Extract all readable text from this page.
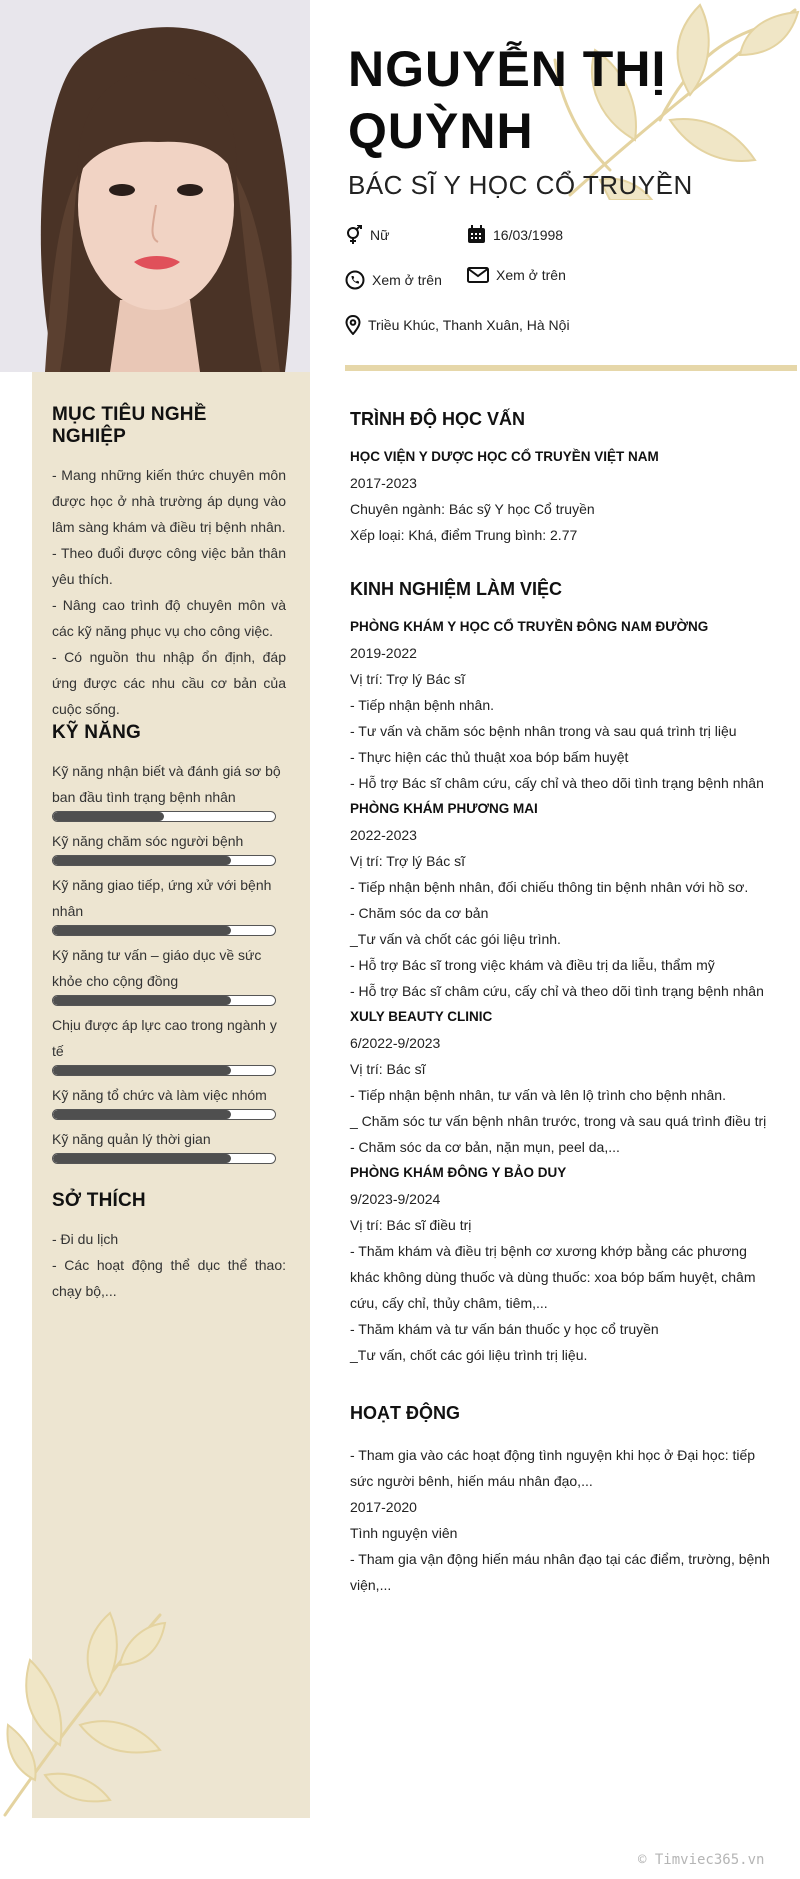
MỤC TIÊU NGHỀ NGHIỆP

- Mang những kiến thức chuyên môn được học ở nhà trường áp dụng vào lâm sàng khám và điều trị bệnh nhân.

- Theo đuổi được công việc bản thân yêu thích.

- Nâng cao trình độ chuyên môn và các kỹ năng phục vụ cho công việc.

- Có nguồn thu nhập ổn định, đáp ứng được các nhu cầu cơ bản của cuộc sống.

KỸ NĂNG
Kỹ năng nhận biết và đánh giá sơ bộ ban đầu tình trạng bệnh nhân
Kỹ năng chăm sóc người bệnh
Kỹ năng giao tiếp, ứng xử với bệnh nhân
Kỹ năng tư vấn – giáo dục về sức khỏe cho cộng đồng
Chịu được áp lực cao trong ngành y tế
Kỹ năng tổ chức và làm việc nhóm
Kỹ năng quản lý thời gian
SỞ THÍCH

- Đi du lịch

- Các hoạt động thể dục thể thao: chạy bộ,...

NGUYỄN THỊ
QUỲNH
BÁC SĨ Y HỌC CỔ TRUYỀN
Nữ	16/03/1998
Xem ở trên	Xem ở trên
Triều Khúc, Thanh Xuân, Hà Nội
TRÌNH ĐỘ HỌC VẤN
HỌC VIỆN Y DƯỢC HỌC CỔ TRUYỀN VIỆT NAM
2017-2023
Chuyên ngành: Bác sỹ Y học Cổ truyền
Xếp loại: Khá, điểm Trung bình: 2.77
KINH NGHIỆM LÀM VIỆC
PHÒNG KHÁM Y HỌC CỔ TRUYỀN ĐÔNG NAM ĐƯỜNG
2019-2022
Vị trí: Trợ lý Bác sĩ
- Tiếp nhận bệnh nhân.
- Tư vấn và chăm sóc bệnh nhân trong và sau quá trình trị liệu
- Thực hiện các thủ thuật xoa bóp bấm huyệt
- Hỗ trợ Bác sĩ châm cứu, cấy chỉ và theo dõi tình trạng bệnh nhân
PHÒNG KHÁM PHƯƠNG MAI
2022-2023
Vị trí: Trợ lý Bác sĩ
- Tiếp nhận bệnh nhân, đối chiếu thông tin bệnh nhân với hồ sơ.
- Chăm sóc da cơ bản
_Tư vấn và chốt các gói liệu trình.
- Hỗ trợ Bác sĩ trong việc khám và điều trị da liễu, thẩm mỹ
- Hỗ trợ Bác sĩ châm cứu, cấy chỉ và theo dõi tình trạng bệnh nhân
XULY BEAUTY CLINIC
6/2022-9/2023
Vị trí: Bác sĩ
- Tiếp nhận bệnh nhân, tư vấn và lên lộ trình cho bệnh nhân.
_ Chăm sóc tư vấn bệnh nhân trước, trong và sau quá trình điều trị
- Chăm sóc da cơ bản, nặn mụn, peel da,...
PHÒNG KHÁM ĐÔNG Y BẢO DUY
9/2023-9/2024
Vị trí: Bác sĩ điều trị
- Thăm khám và điều trị bệnh cơ xương khớp bằng các phương khác không dùng thuốc và dùng thuốc: xoa bóp bấm huyệt, châm cứu, cấy chỉ, thủy châm, tiêm,...
- Thăm khám và tư vấn bán thuốc y học cổ truyền
_Tư vấn, chốt các gói liệu trình trị liệu.
HOẠT ĐỘNG
- Tham gia vào các hoạt động tình nguyện khi học ở Đại học: tiếp sức người bênh, hiến máu nhân đạo,...
2017-2020
Tình nguyện viên
- Tham gia vận động hiến máu nhân đạo tại các điểm, trường, bệnh viện,...
© Timviec365.vn
